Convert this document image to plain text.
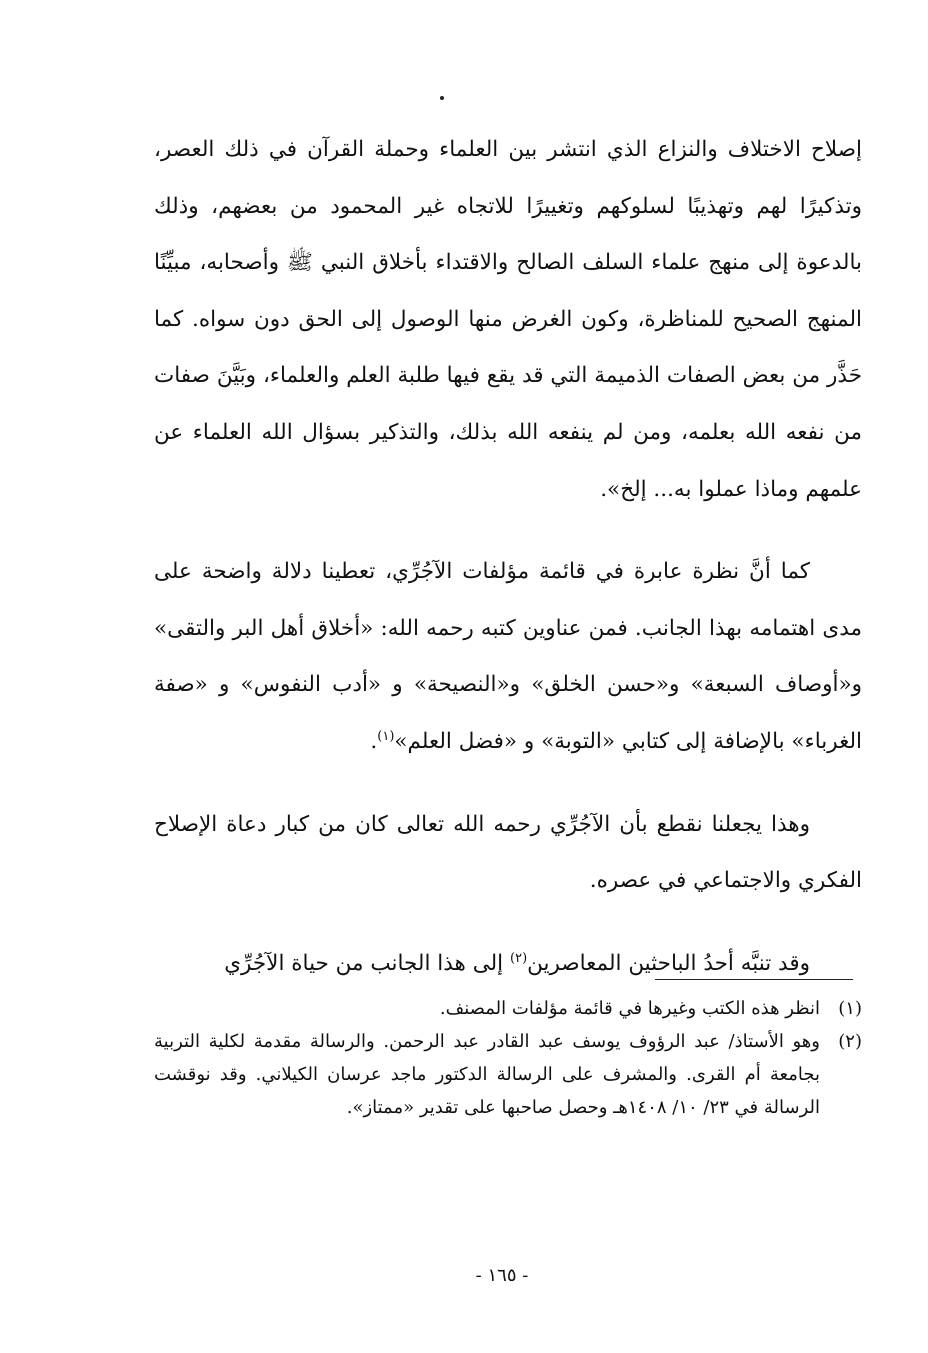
إصلاح الاختلاف والنزاع الذي انتشر بين العلماء وحملة القرآن في ذلك العصر، وتذكيرًا لهم وتهذيبًا لسلوكهم وتغييرًا للاتجاه غير المحمود من بعضهم، وذلك بالدعوة إلى منهج علماء السلف الصالح والاقتداء بأخلاق النبي ﷺ وأصحابه، مبيِّنًا المنهج الصحيح للمناظرة، وكون الغرض منها الوصول إلى الحق دون سواه. كما حَذَّر من بعض الصفات الذميمة التي قد يقع فيها طلبة العلم والعلماء، وبَيَّنَ صفات من نفعه الله بعلمه، ومن لم ينفعه الله بذلك، والتذكير بسؤال الله العلماء عن علمهم وماذا عملوا به... إلخ».

كما أنَّ نظرة عابرة في قائمة مؤلفات الآجُرِّي، تعطينا دلالة واضحة على مدى اهتمامه بهذا الجانب. فمن عناوين كتبه رحمه الله: «أخلاق أهل البر والتقى» و«أوصاف السبعة» و«حسن الخلق» و«النصيحة» و «أدب النفوس» و «صفة الغرباء» بالإضافة إلى كتابي «التوبة» و «فضل العلم»$^{(١)}$.

وهذا يجعلنا نقطع بأن الآجُرِّي رحمه الله تعالى كان من كبار دعاة الإصلاح الفكري والاجتماعي في عصره.

وقد تنبَّه أحدُ الباحثين المعاصرين$^{(٢)}$ إلى هذا الجانب من حياة الآجُرِّي

(١)
انظر هذه الكتب وغيرها في قائمة مؤلفات المصنف.
(٢)
وهو الأستاذ/ عبد الرؤوف يوسف عبد القادر عبد الرحمن. والرسالة مقدمة لكلية التربية بجامعة أم القرى. والمشرف على الرسالة الدكتور ماجد عرسان الكيلاني. وقد نوقشت الرسالة في ٢٣/ ١٠/ ١٤٠٨هـ وحصل صاحبها على تقدير «ممتاز».
- ١٦٥ -
